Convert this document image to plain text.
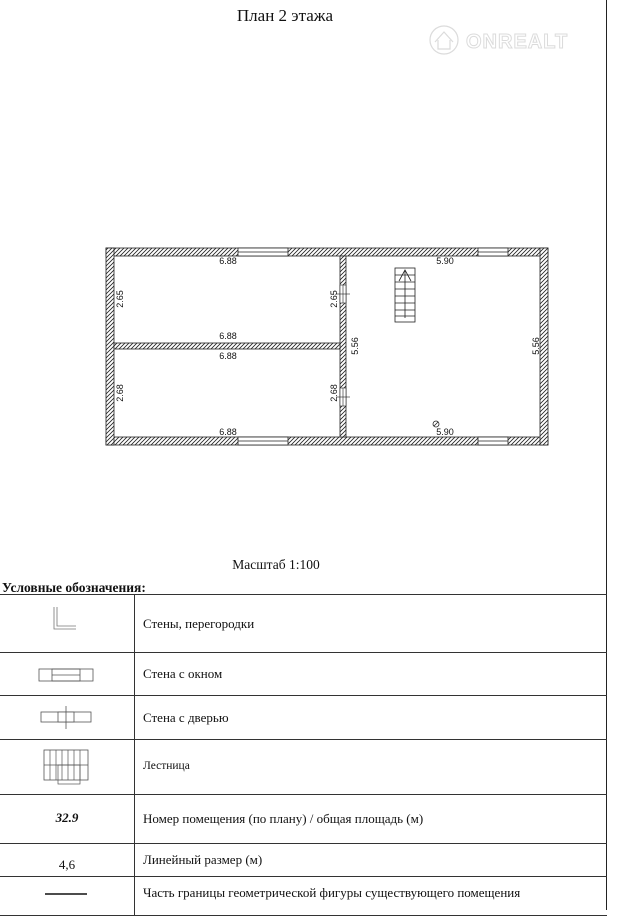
План 2 этажа
ONREALT
6.88
6.88
6.88
6.88
5.90
5.90
2.65	2.65
2.68	2.68
5.56	5.56
Масштаб 1:100
Условные обозначения:
Стены, перегородки
Стена с окном
Стена с дверью
Лестница
32.9	Номер помещения (по плану) / общая площадь (м)
4,6	Линейный размер (м)
Часть границы геометрической фигуры существующего помещения
